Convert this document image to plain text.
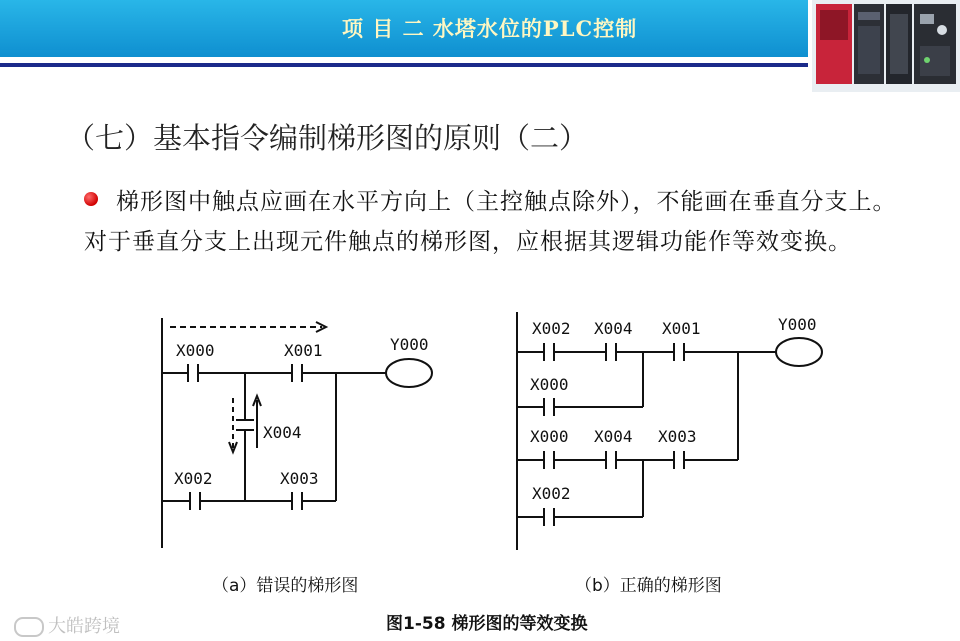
项 目 二 水塔水位的PLC控制
（七）基本指令编制梯形图的原则（二）
梯形图中触点应画在水平方向上（主控触点除外），不能画在垂直分支上。对于垂直分支上出现元件触点的梯形图，应根据其逻辑功能作等效变换。
X000	X001
X004
X002	X003
Y000
X002 X004 X001
X000
X000 X004 X003
X002
Y000
（a）错误的梯形图	（b）正确的梯形图
图1-58 梯形图的等效变换
大皓跨境
